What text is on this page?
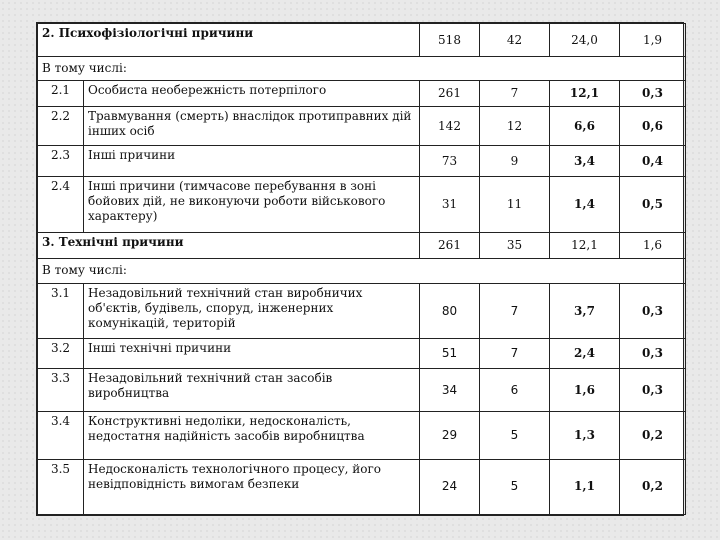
2. Психофізіологічні причини		518	42	24,0	1,9
В тому числі:					
2.1	Особиста необережність потерпілого	261	7	12,1	0,3
2.2	Травмування (смерть) внаслідок протиправних дій інших осіб	142	12	6,6	0,6
2.3	Інші причини	73	9	3,4	0,4
2.4	Інші причини (тимчасове перебування в зоні бойових дій, не виконуючи роботи військового характеру)	31	11	1,4	0,5
3. Технічні причини		261	35	12,1	1,6
В тому числі:					
3.1	Незадовільний технічний стан виробничих об'єктів, будівель, споруд, інженерних комунікацій, територій	80	7	3,7	0,3
3.2	Інші технічні причини	51	7	2,4	0,3
3.3	Незадовільний технічний стан засобів виробництва	34	6	1,6	0,3
3.4	Конструктивні недоліки, недосконалість, недостатня надійність засобів виробництва	29	5	1,3	0,2
3.5	Недосконалість технологічного процесу, його невідповідність вимогам безпеки	24	5	1,1	0,2
